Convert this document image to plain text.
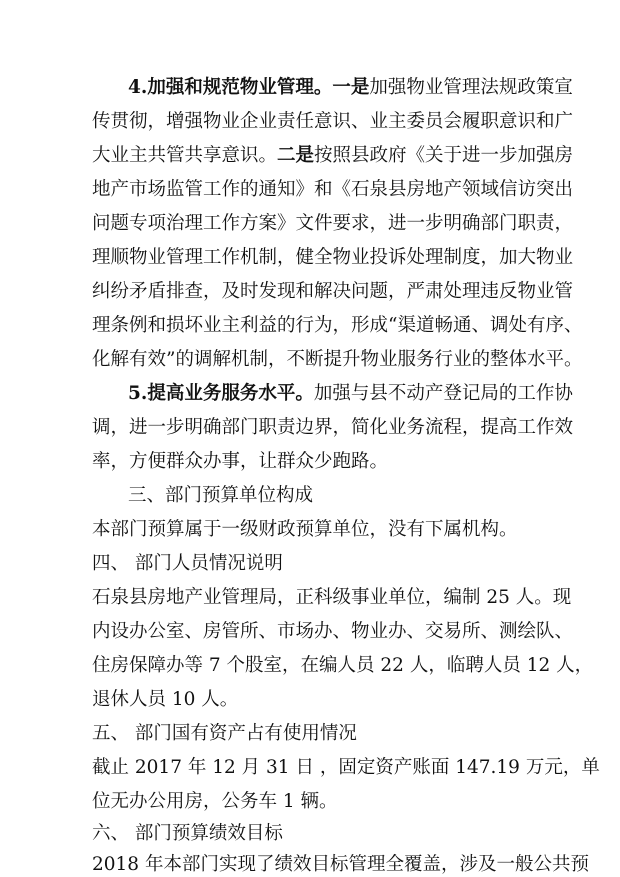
4.加强和规范物业管理。一是加强物业管理法规政策宣
传贯彻，增强物业企业责任意识、业主委员会履职意识和广
大业主共管共享意识。二是按照县政府《关于进一步加强房
地产市场监管工作的通知》和《石泉县房地产领域信访突出
问题专项治理工作方案》文件要求，进一步明确部门职责，
理顺物业管理工作机制，健全物业投诉处理制度，加大物业
纠纷矛盾排查，及时发现和解决问题，严肃处理违反物业管
理条例和损坏业主利益的行为，形成“渠道畅通、调处有序、
化解有效”的调解机制，不断提升物业服务行业的整体水平。
5.提高业务服务水平。加强与县不动产登记局的工作协
调，进一步明确部门职责边界，简化业务流程，提高工作效
率，方便群众办事，让群众少跑路。
三、部门预算单位构成
本部门预算属于一级财政预算单位，没有下属机构。
四、 部门人员情况说明
石泉县房地产业管理局，正科级事业单位，编制 25 人。现
内设办公室、房管所、市场办、物业办、交易所、测绘队、
住房保障办等 7 个股室，在编人员 22 人，临聘人员 12 人，
退休人员 10 人。
五、 部门国有资产占有使用情况
截止 2017 年 12 月 31 日 ，固定资产账面 147.19 万元，单
位无办公用房，公务车 1 辆。
六、 部门预算绩效目标
2018 年本部门实现了绩效目标管理全覆盖，涉及一般公共预
